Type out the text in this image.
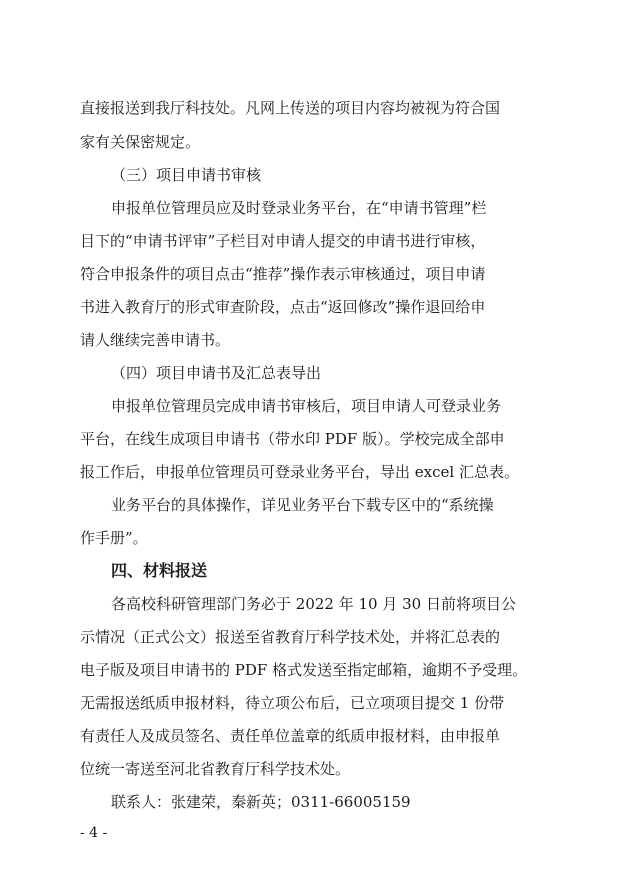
直接报送到我厅科技处。凡网上传送的项目内容均被视为符合国
家有关保密规定。
（三）项目申请书审核
申报单位管理员应及时登录业务平台，在“申请书管理”栏
目下的“申请书评审”子栏目对申请人提交的申请书进行审核，
符合申报条件的项目点击“推荐”操作表示审核通过，项目申请
书进入教育厅的形式审查阶段，点击“返回修改”操作退回给申
请人继续完善申请书。
（四）项目申请书及汇总表导出
申报单位管理员完成申请书审核后，项目申请人可登录业务
平台，在线生成项目申请书（带水印 PDF 版）。学校完成全部申
报工作后，申报单位管理员可登录业务平台，导出 excel 汇总表。
业务平台的具体操作，详见业务平台下载专区中的“系统操
作手册”。
四、材料报送
各高校科研管理部门务必于 2022 年 10 月 30 日前将项目公
示情况（正式公文）报送至省教育厅科学技术处，并将汇总表的
电子版及项目申请书的 PDF 格式发送至指定邮箱，逾期不予受理。
无需报送纸质申报材料，待立项公布后，已立项项目提交 1 份带
有责任人及成员签名、责任单位盖章的纸质申报材料，由申报单
位统一寄送至河北省教育厅科学技术处。
联系人：张建荣，秦新英；0311-66005159
- 4 -
